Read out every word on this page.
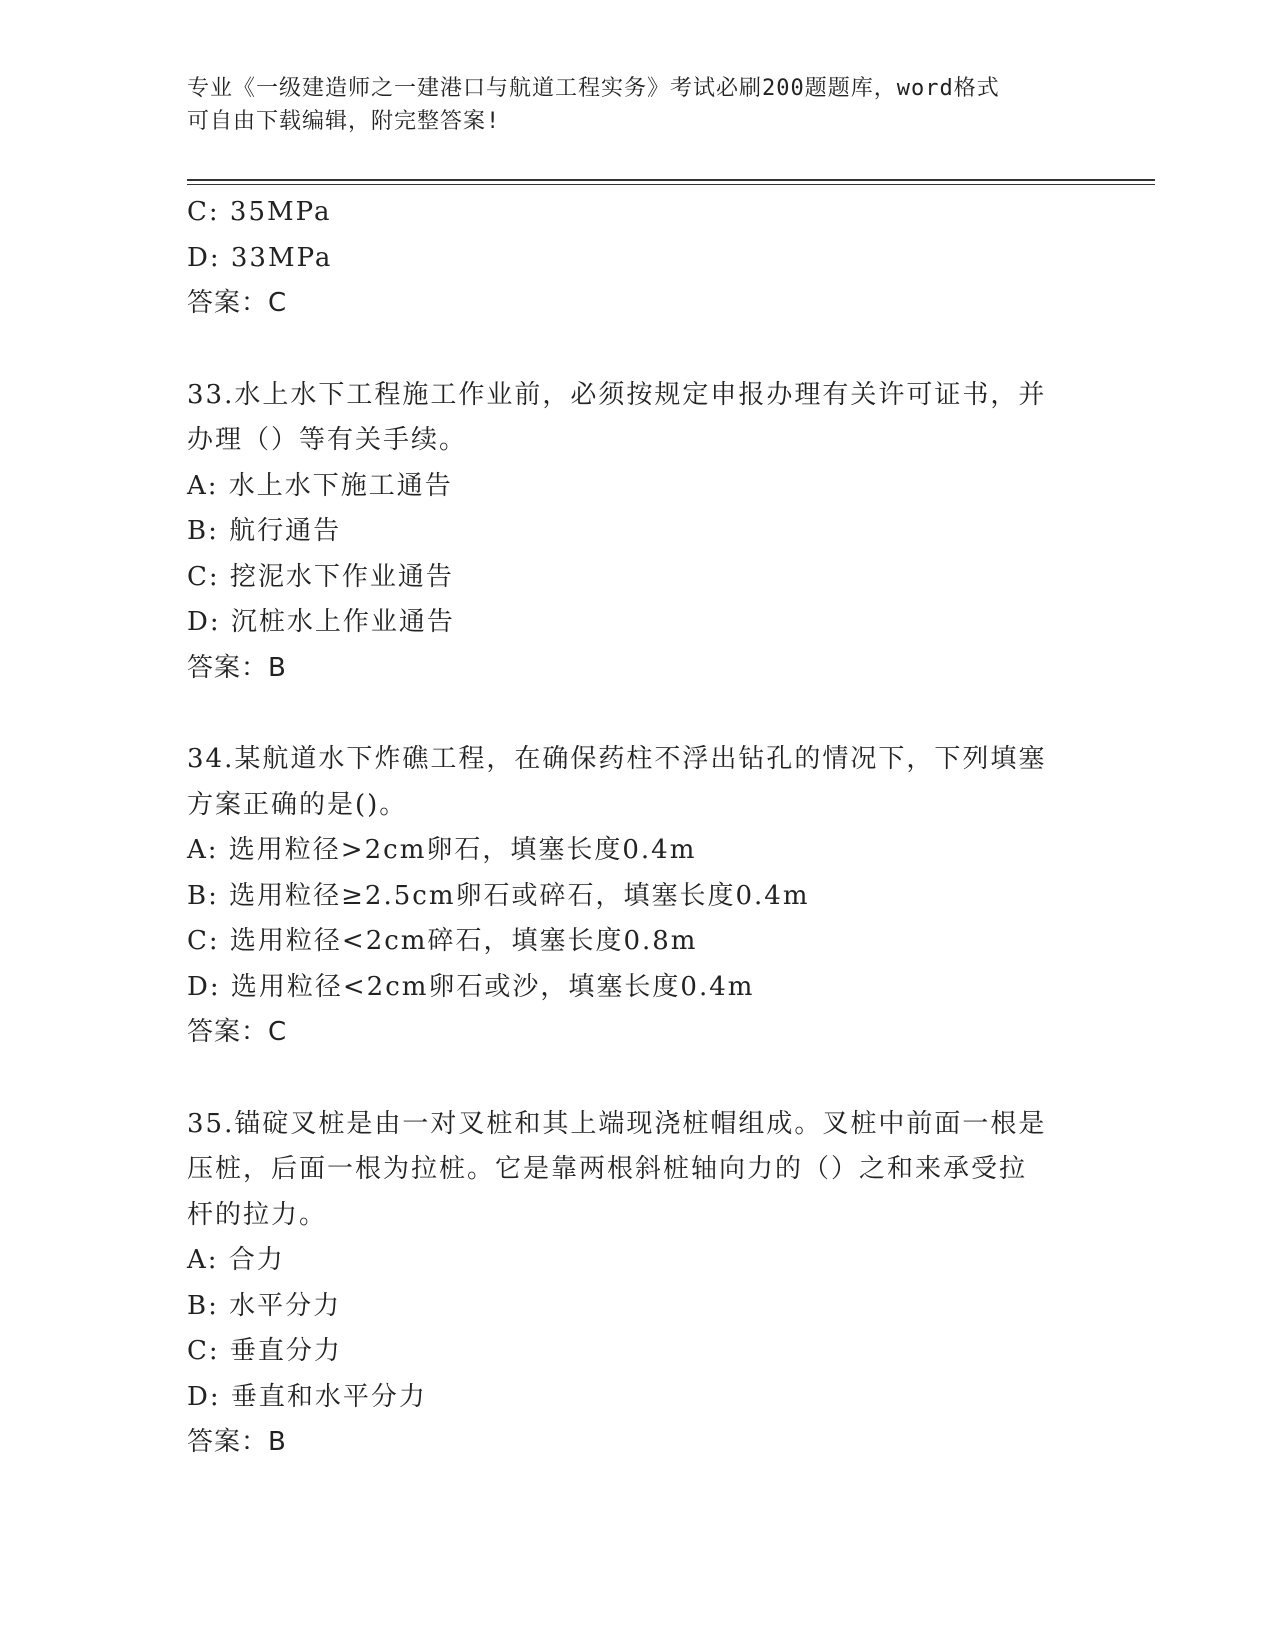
专业《一级建造师之一建港口与航道工程实务》考试必刷200题题库，word格式
可自由下载编辑，附完整答案!
C: 35MPa
D: 33MPa
答案：C
33.水上水下工程施工作业前，必须按规定申报办理有关许可证书，并
办理（）等有关手续。
A: 水上水下施工通告
B: 航行通告
C: 挖泥水下作业通告
D: 沉桩水上作业通告
答案：B
34.某航道水下炸礁工程，在确保药柱不浮出钻孔的情况下，下列填塞
方案正确的是()。
A: 选用粒径>2cm卵石，填塞长度0.4m
B: 选用粒径≥2.5cm卵石或碎石，填塞长度0.4m
C: 选用粒径<2cm碎石，填塞长度0.8m
D: 选用粒径<2cm卵石或沙，填塞长度0.4m
答案：C
35.锚碇叉桩是由一对叉桩和其上端现浇桩帽组成。叉桩中前面一根是
压桩，后面一根为拉桩。它是靠两根斜桩轴向力的（）之和来承受拉
杆的拉力。
A: 合力
B: 水平分力
C: 垂直分力
D: 垂直和水平分力
答案：B
